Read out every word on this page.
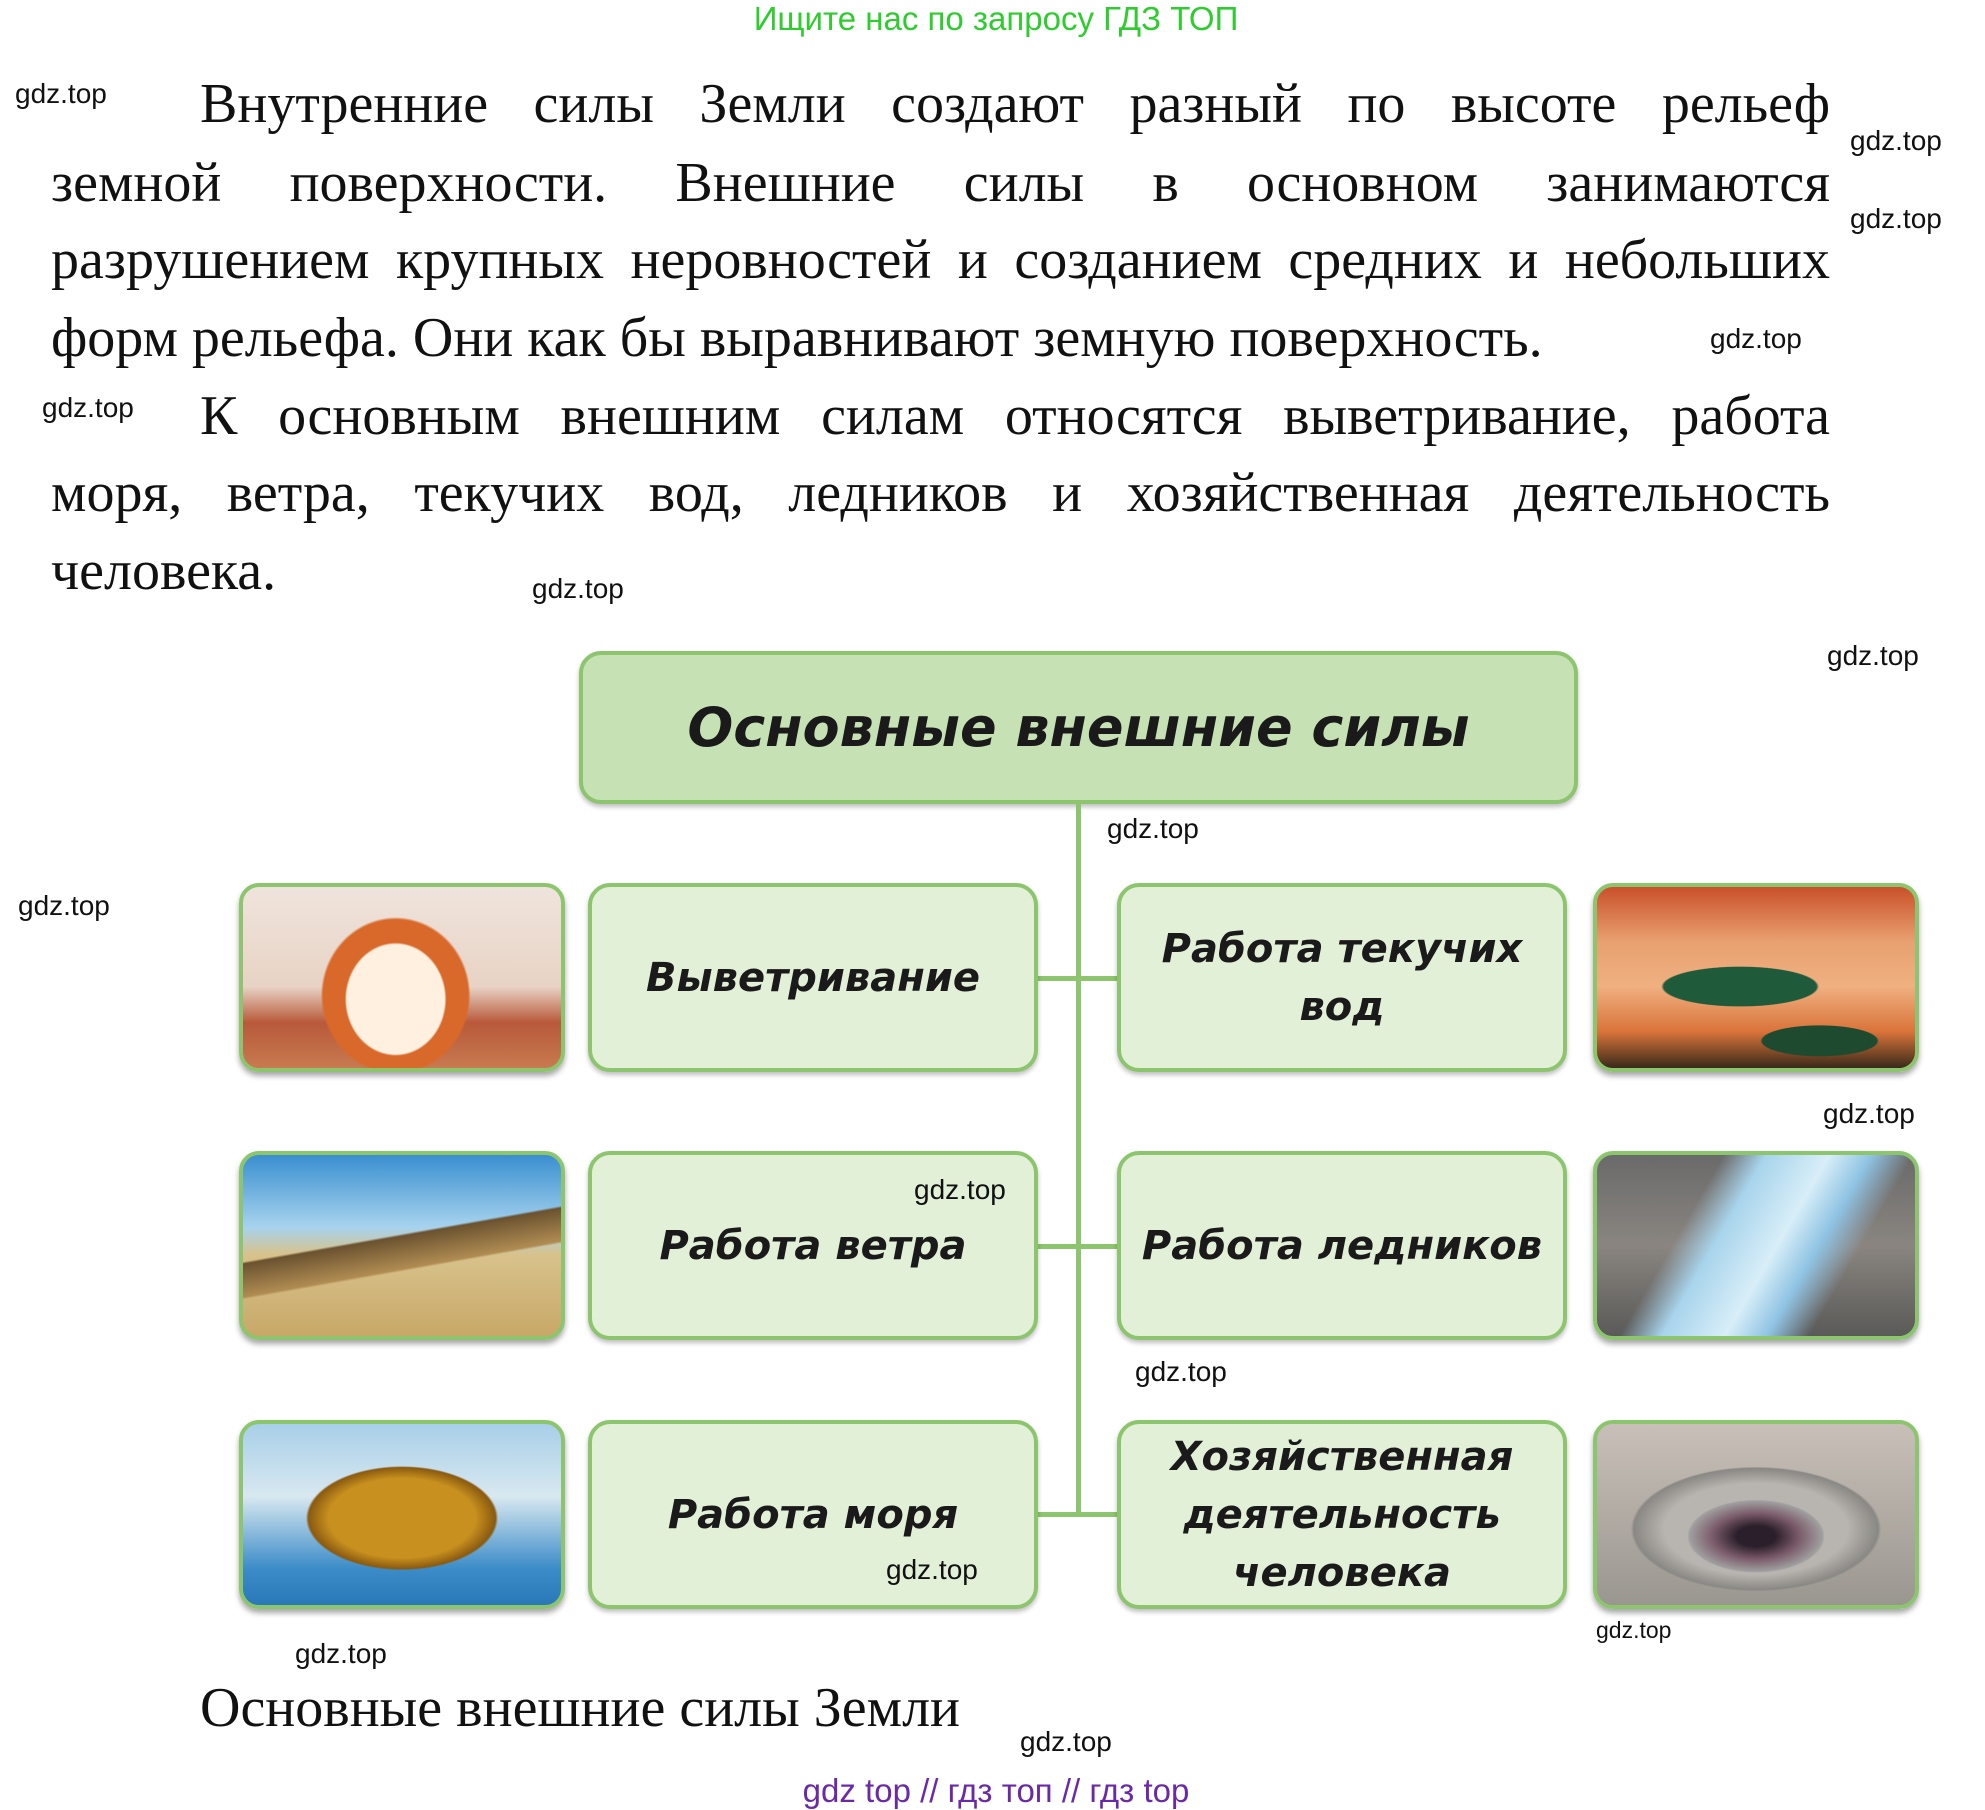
Ищите нас по запросу ГДЗ ТОП
Внутренние силы Земли создают разный по высоте рельеф
земной поверхности. Внешние силы в основном занимаются
разрушением крупных неровностей и созданием средних и небольших
форм рельефа. Они как бы выравнивают земную поверхность.
К основным внешним силам относятся выветривание, работа
моря, ветра, текучих вод, ледников и хозяйственная деятельность
человека.
Основные внешние силы
Выветривание
Работа ветра
Работа моря
Работа текучих вод
Работа ледников
Хозяйственная деятельность человека
Основные внешние силы Земли
gdz top // гдз топ // гдз top
gdz.top
gdz.top
gdz.top
gdz.top
gdz.top
gdz.top
gdz.top
gdz.top
gdz.top
gdz.top
gdz.top
gdz.top
gdz.top
gdz.top
gdz.top
gdz.top
